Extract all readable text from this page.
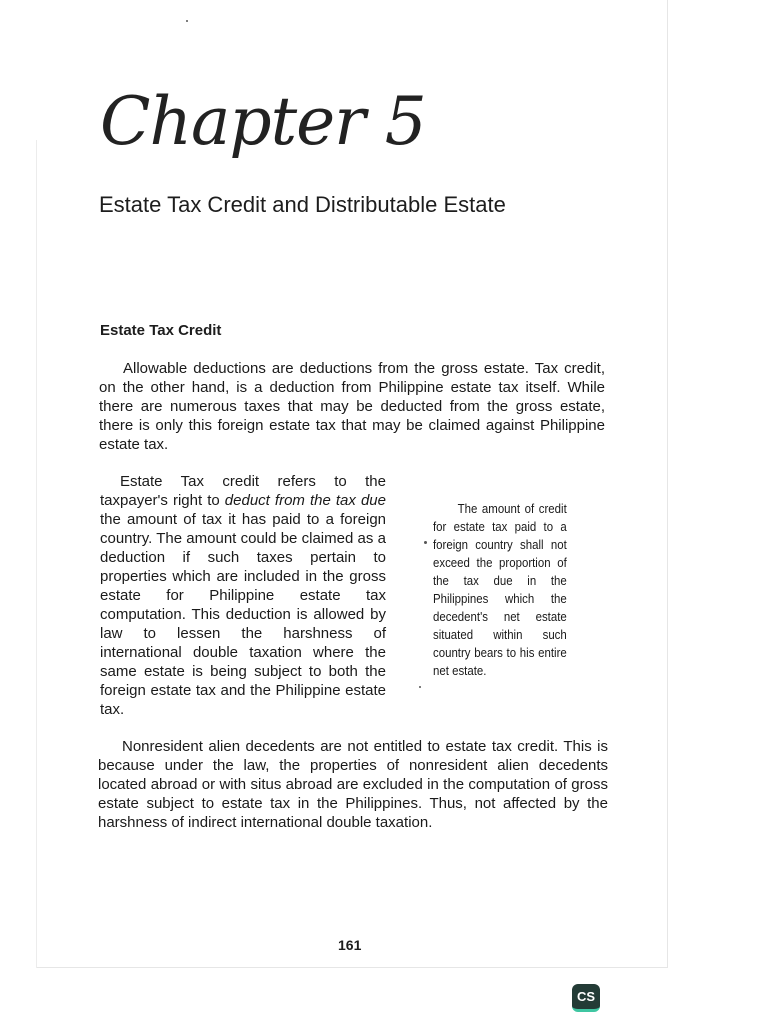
Chapter 5
Estate Tax Credit and Distributable Estate
Estate Tax Credit

Allowable deductions are deductions from the gross estate. Tax credit, on the other hand, is a deduction from Philippine estate tax itself. While there are numerous taxes that may be deducted from the gross estate, there is only this foreign estate tax that may be claimed against Philippine estate tax.

Estate Tax credit refers to the taxpayer's right to deduct from the tax due the amount of tax it has paid to a foreign country. The amount could be claimed as a deduction if such taxes pertain to properties which are included in the gross estate for Philippine estate tax computation. This deduction is allowed by law to lessen the harshness of international double taxation where the same estate is being subject to both the foreign estate tax and the Philippine estate tax.

The amount of credit for estate tax paid to a foreign country shall not exceed the proportion of the tax due in the Philippines which the decedent's net estate situated within such country bears to his entire net estate.

Nonresident alien decedents are not entitled to estate tax credit. This is because under the law, the properties of nonresident alien decedents located abroad or with situs abroad are excluded in the computation of gross estate subject to estate tax in the Philippines. Thus, not affected by the harshness of indirect international double taxation.

161
CS
